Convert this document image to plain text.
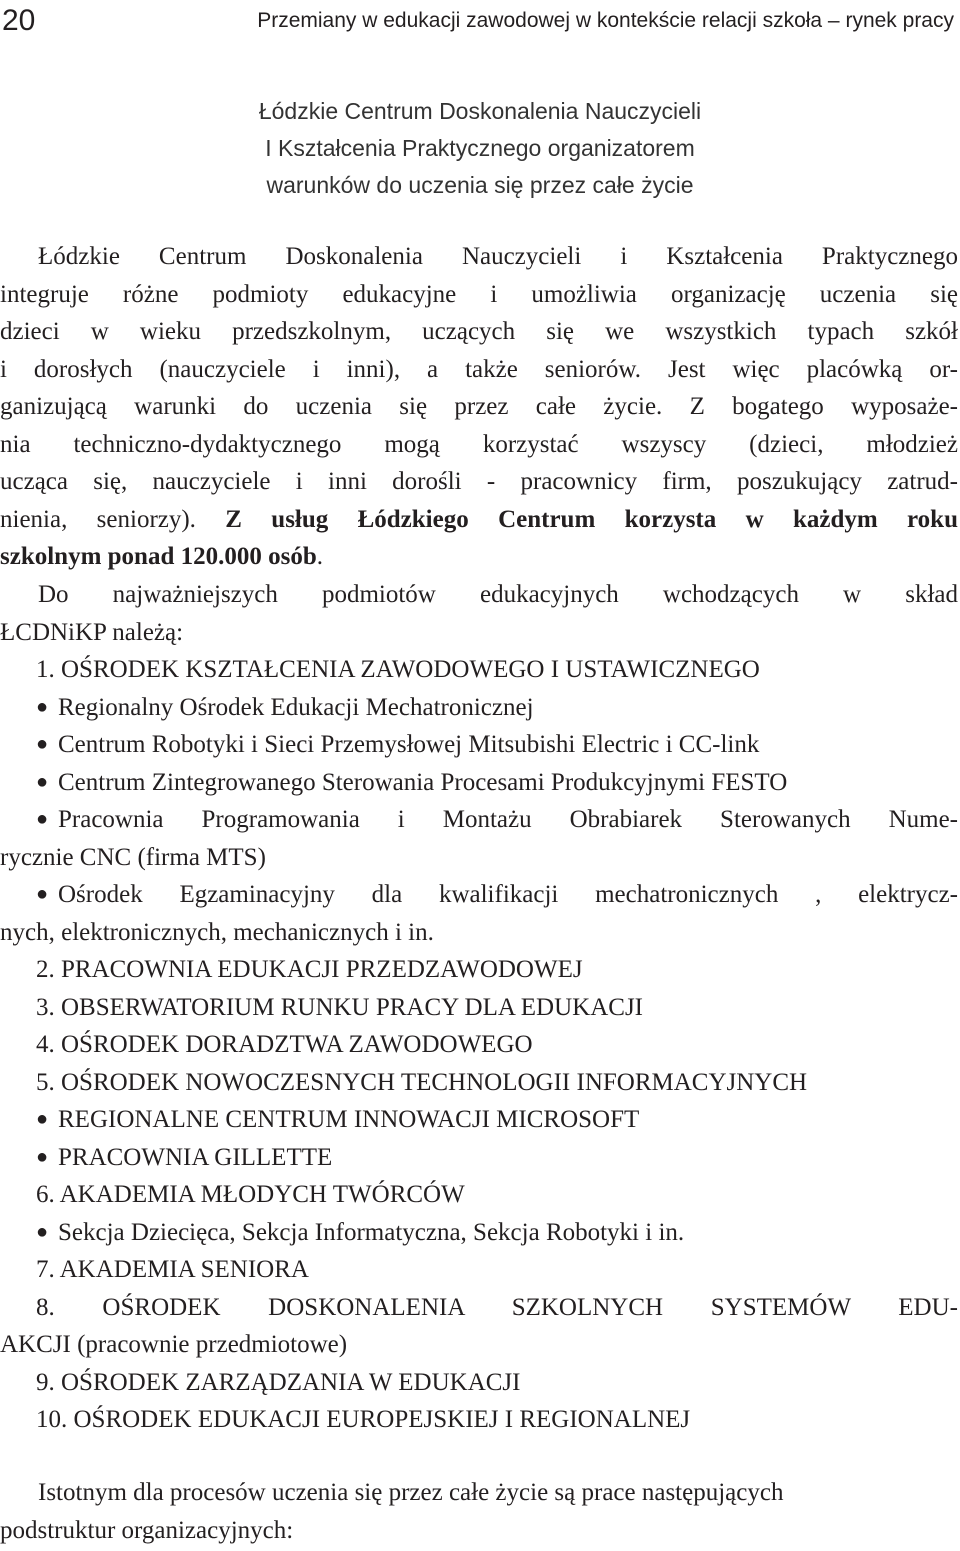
20	Przemiany w edukacji zawodowej w kontekście relacji szkoła – rynek pracy
Łódzkie Centrum Doskonalenia Nauczycieli
I Kształcenia Praktycznego organizatorem
warunków do uczenia się przez całe życie
Łódzkie Centrum Doskonalenia Nauczycieli i Kształcenia Praktycznego
integruje różne podmioty edukacyjne i umożliwia organizację uczenia się
dzieci w wieku przedszkolnym, uczących się we wszystkich typach szkół
i dorosłych (nauczyciele i inni), a także seniorów. Jest więc placówką or-
ganizującą warunki do uczenia się przez całe życie. Z bogatego wyposaże-
nia techniczno-dydaktycznego mogą korzystać wszyscy (dzieci, młodzież
ucząca się, nauczyciele i inni dorośli - pracownicy firm, poszukujący zatrud-
nienia, seniorzy). Z usług Łódzkiego Centrum korzysta w każdym roku
szkolnym ponad 120.000 osób.
Do najważniejszych podmiotów edukacyjnych wchodzących w skład
ŁCDNiKP należą:
1. OŚRODEK KSZTAŁCENIA ZAWODOWEGO I USTAWICZNEGO
● Regionalny Ośrodek Edukacji Mechatronicznej
● Centrum Robotyki i Sieci Przemysłowej Mitsubishi Electric i CC-link
● Centrum Zintegrowanego Sterowania Procesami Produkcyjnymi FESTO
● Pracownia Programowania i Montażu Obrabiarek Sterowanych Nume-
rycznie CNC (firma MTS)
● Ośrodek Egzaminacyjny dla kwalifikacji mechatronicznych , elektrycz-
nych, elektronicznych, mechanicznych i in.
2. PRACOWNIA EDUKACJI PRZEDZAWODOWEJ
3. OBSERWATORIUM RUNKU PRACY DLA EDUKACJI
4. OŚRODEK DORADZTWA ZAWODOWEGO
5. OŚRODEK NOWOCZESNYCH TECHNOLOGII INFORMACYJNYCH
● REGIONALNE CENTRUM INNOWACJI MICROSOFT
● PRACOWNIA GILLETTE
6. AKADEMIA MŁODYCH TWÓRCÓW
● Sekcja Dziecięca, Sekcja Informatyczna, Sekcja Robotyki i in.
7. AKADEMIA SENIORA
8. OŚRODEK DOSKONALENIA SZKOLNYCH SYSTEMÓW EDU-
AKCJI (pracownie przedmiotowe)
9. OŚRODEK ZARZĄDZANIA W EDUKACJI
10. OŚRODEK EDUKACJI EUROPEJSKIEJ I REGIONALNEJ
Istotnym dla procesów uczenia się przez całe życie są prace następujących
podstruktur organizacyjnych:
